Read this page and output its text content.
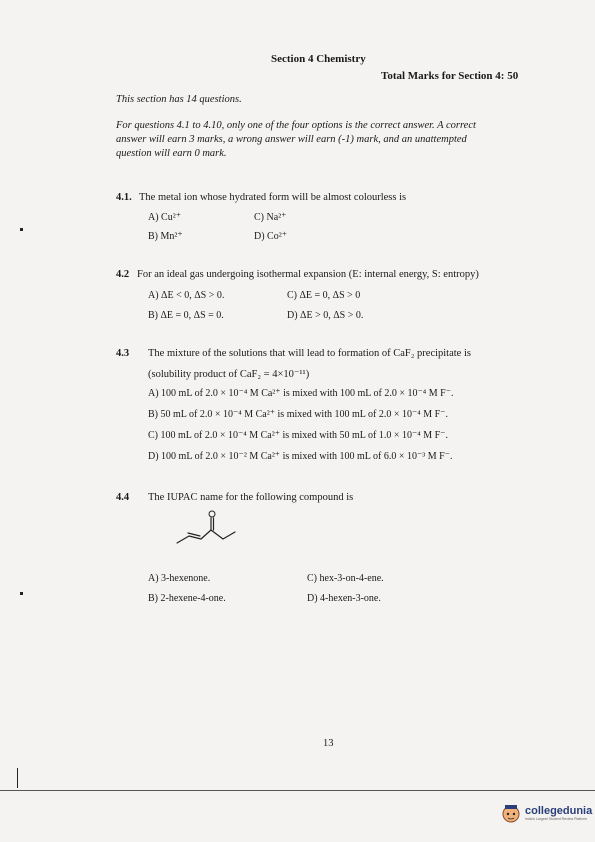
Section 4 Chemistry
Total Marks for Section 4: 50
This section has 14 questions.
For questions 4.1 to 4.10, only one of the four options is the correct answer. A correct
answer will earn 3 marks, a wrong answer will earn (-1) mark, and an unattempted
question will earn 0 mark.
4.1. The metal ion whose hydrated form will be almost colourless is
A) Cu²⁺	C) Na²⁺
B) Mn²⁺	D) Co²⁺
4.2 For an ideal gas undergoing isothermal expansion (E: internal energy, S: entropy)
A) ΔE < 0, ΔS > 0.	C) ΔE = 0, ΔS > 0
B) ΔE = 0, ΔS = 0.	D) ΔE > 0, ΔS > 0.
4.3 The mixture of the solutions that will lead to formation of CaF₂ precipitate is
(solubility product of CaF₂ = 4×10⁻¹¹)
A) 100 mL of 2.0 × 10⁻⁴ M Ca²⁺ is mixed with 100 mL of 2.0 × 10⁻⁴ M F⁻.
B) 50 mL of 2.0 × 10⁻⁴ M Ca²⁺ is mixed with 100 mL of 2.0 × 10⁻⁴ M F⁻.
C) 100 mL of 2.0 × 10⁻⁴ M Ca²⁺ is mixed with 50 mL of 1.0 × 10⁻⁴ M F⁻.
D) 100 mL of 2.0 × 10⁻² M Ca²⁺ is mixed with 100 mL of 6.0 × 10⁻³ M F⁻.
4.4 The IUPAC name for the following compound is
A) 3-hexenone.	C) hex-3-on-4-ene.
B) 2-hexene-4-one.	D) 4-hexen-3-one.
13
collegedunia
India's Largest Student Review Platform
